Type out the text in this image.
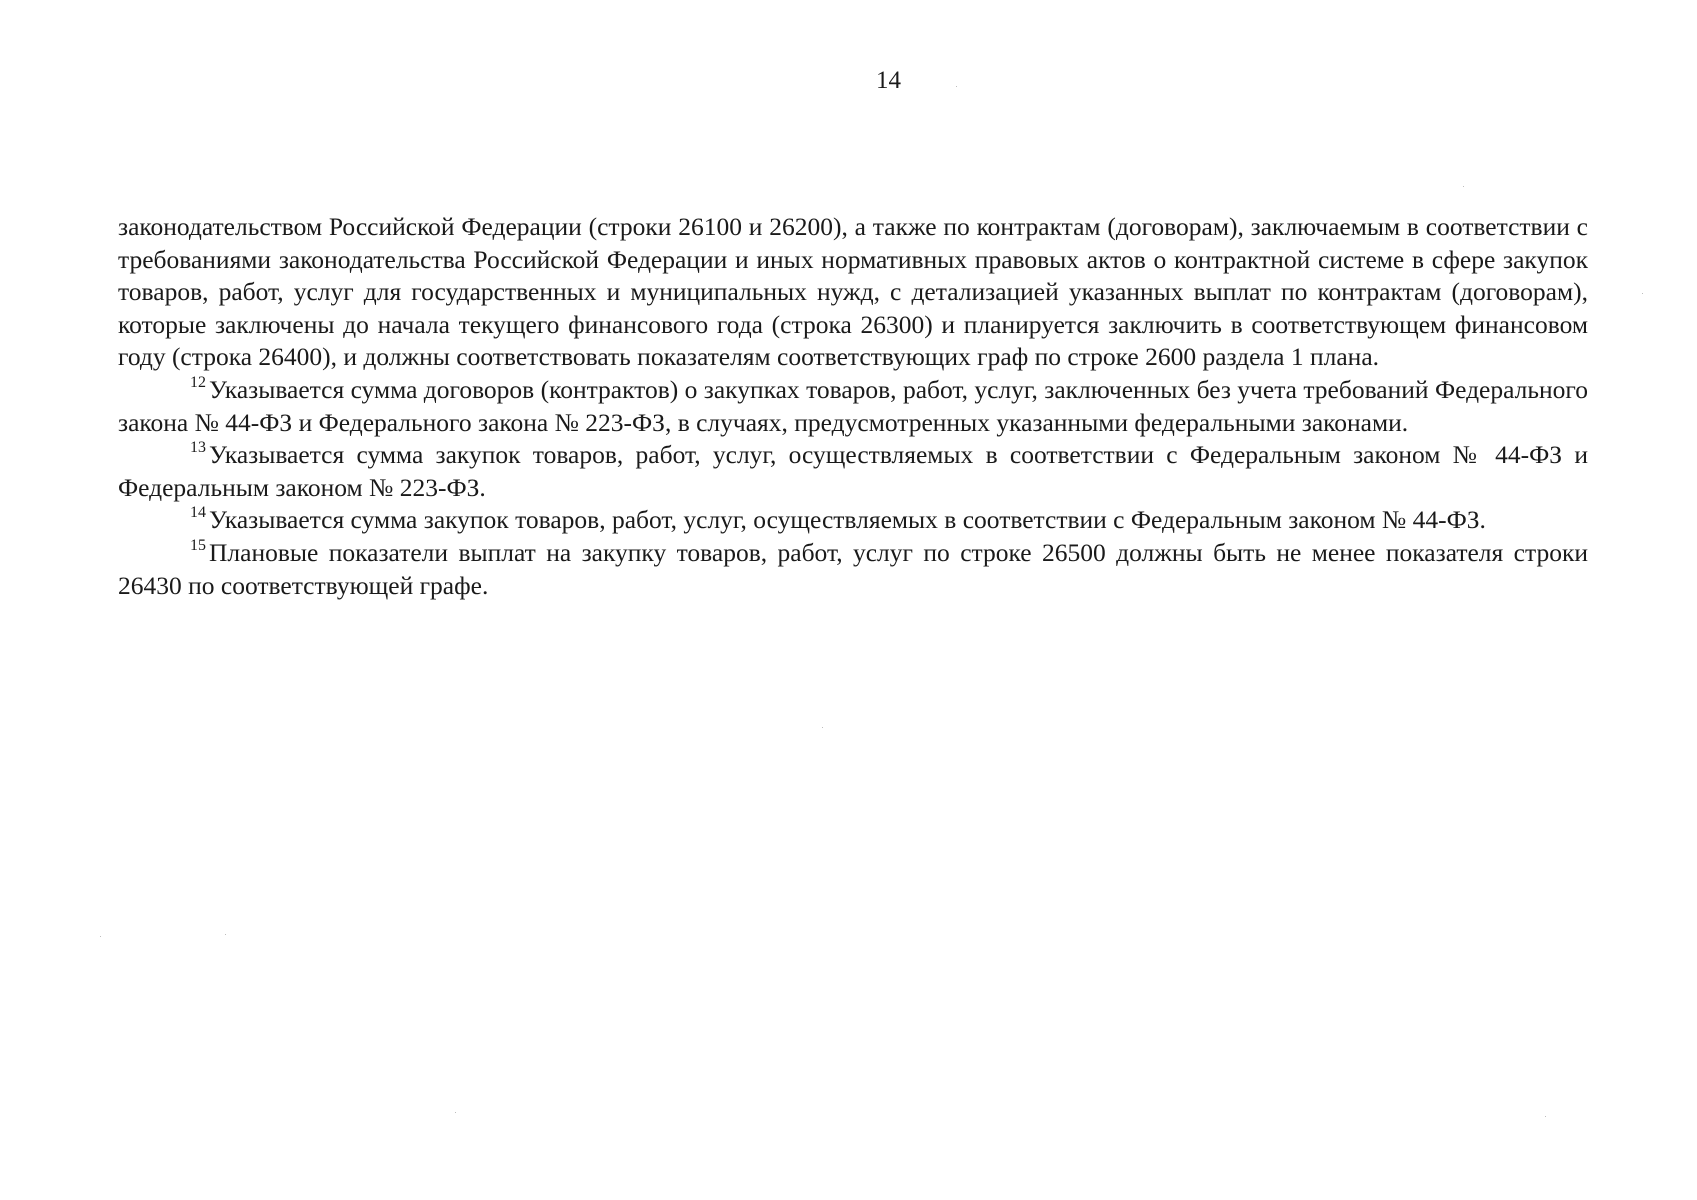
14

законодательством Российской Федерации (строки 26100 и 26200), а также по контрактам (договорам), заключаемым в соответствии с требованиями законодательства Российской Федерации и иных нормативных правовых актов о контрактной системе в сфере закупок товаров, работ, услуг для государственных и муниципальных нужд, с детализацией указанных выплат по контрактам (договорам), которые заключены до начала текущего финансового года (строка 26300) и планируется заключить в соответствующем финансовом году (строка 26400), и должны соответствовать показателям соответствующих граф по строке 2600 раздела 1 плана.

$^{12}$ Указывается сумма договоров (контрактов) о закупках товаров, работ, услуг, заключенных без учета требований Федерального закона № 44-ФЗ и Федерального закона № 223-ФЗ, в случаях, предусмотренных указанными федеральными законами.

$^{13}$ Указывается сумма закупок товаров, работ, услуг, осуществляемых в соответствии с Федеральным законом № 44-ФЗ и Федеральным законом № 223-ФЗ.

$^{14}$ Указывается сумма закупок товаров, работ, услуг, осуществляемых в соответствии с Федеральным законом № 44-ФЗ.

$^{15}$ Плановые показатели выплат на закупку товаров, работ, услуг по строке 26500 должны быть не менее показателя строки 26430 по соответствующей графе.
